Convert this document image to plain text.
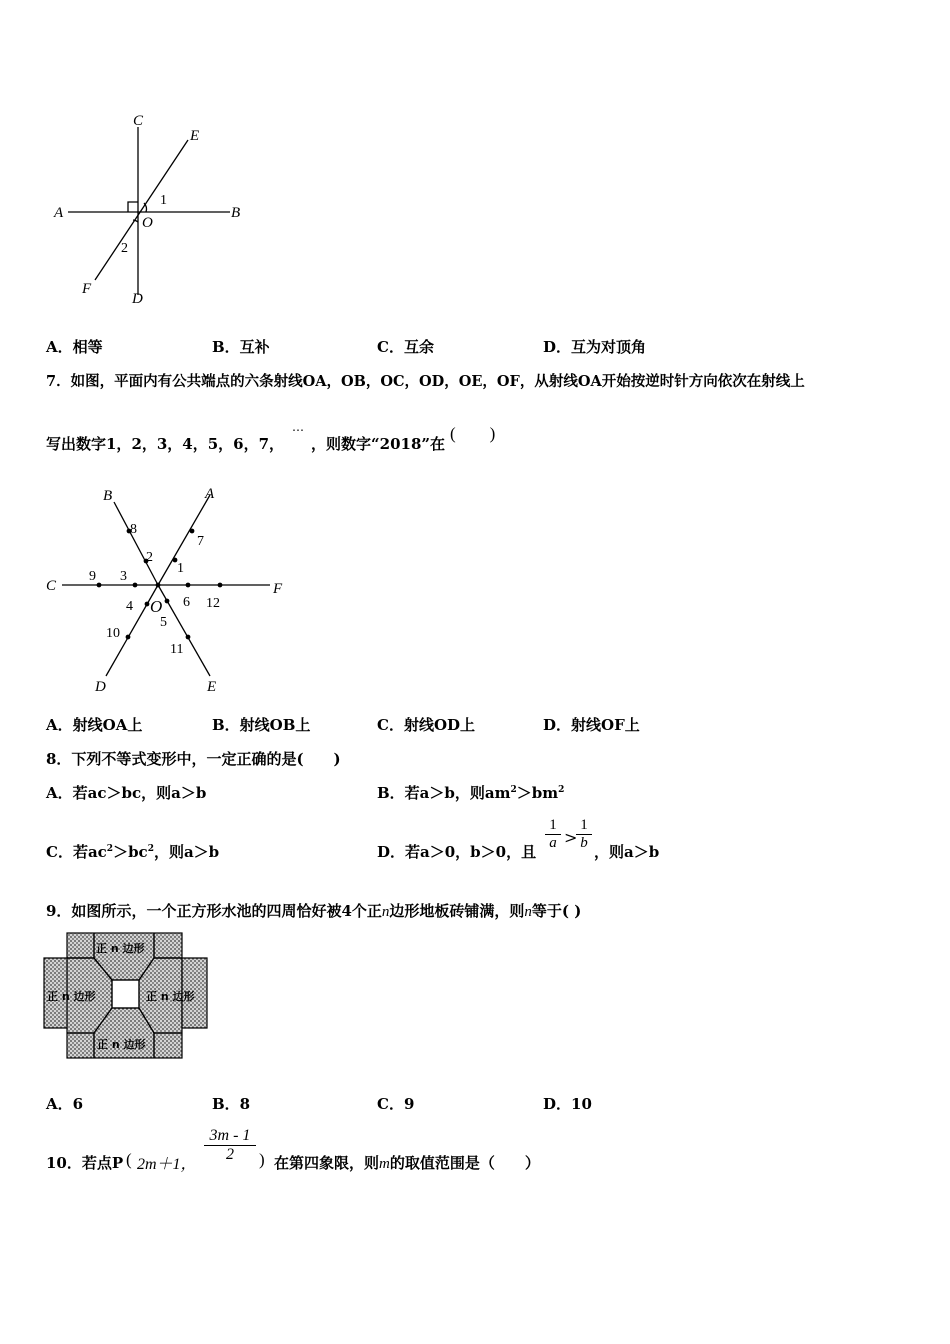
C
E
A
O
B
1
2
F
D
A．相等	B．互补	C．互余	D．互为对顶角
7．如图，平面内有公共端点的六条射线OA，OB，OC，OD，OE，OF，从射线OA开始按逆时针方向依次在射线上
写出数字1，2，3，4，5，6，7，
…
，则数字“2018”在
(　　)
B	A
C	F
D	E
O
1
2
3
4
5
6
7
8
9
10
11
12
A．射线OA上	B．射线OB上	C．射线OD上	D．射线OF上
8．下列不等式变形中，一定正确的是(　　)
A．若ac＞bc，则a＞b	B．若a＞b，则$am^2>bm^2$
C．若$ac^2>bc^2$，则a＞b	D．若a＞0，b＞0，且 $\frac{1}{a}$ >
$\frac{1}{b}$ ，则a＞b
9．如图所示，一个正方形水池的四周恰好被4个正n边形地板砖铺满，则n等于( )
正 n 边形
正 n 边形	正 n 边形
正 n 边形
A．6	B．8	C．9	D．10
10．若点P ( 2m＋1，
$\frac{3m - 1}{2}$ ) 在第四象限，则m的取值范围是（　　）
